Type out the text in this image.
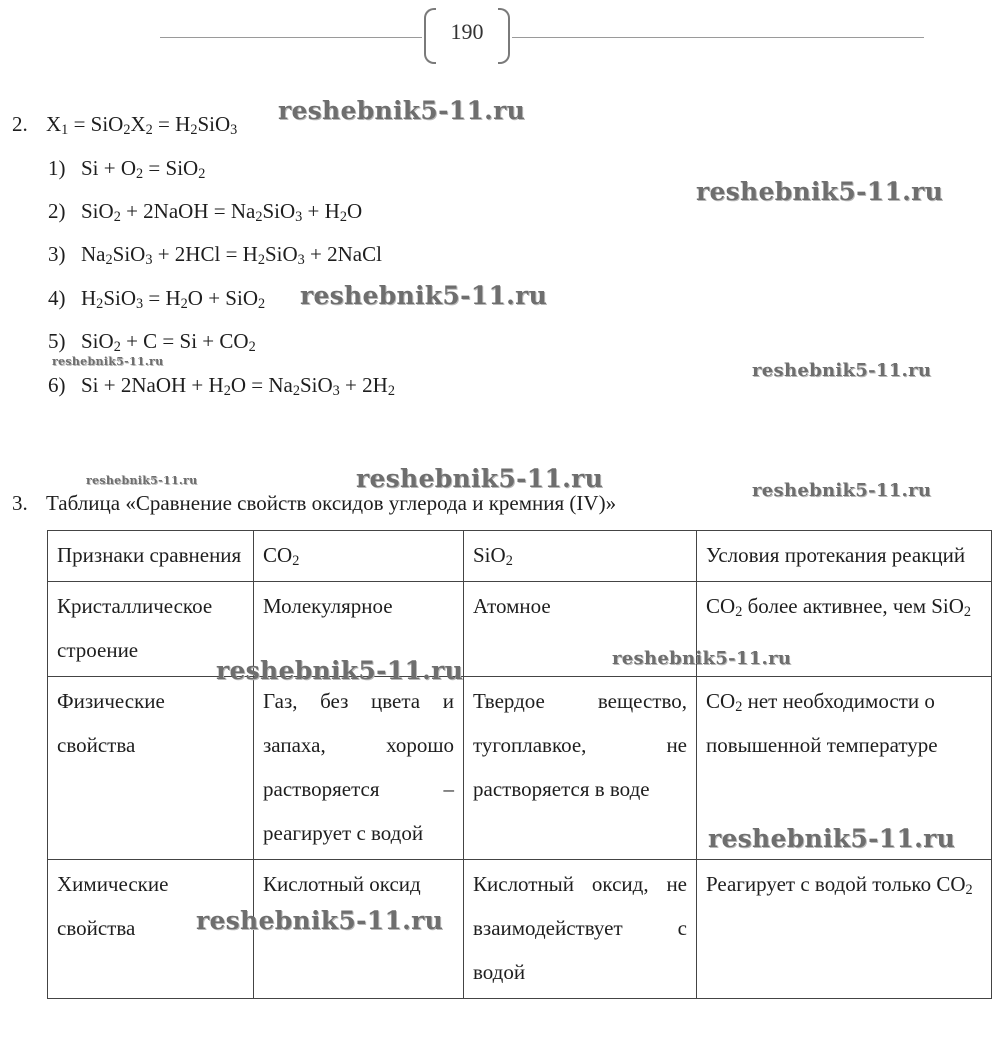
190
2. $X_1 = SiO_2X_2 = H_2SiO_3$
1) $Si + O_2 = SiO_2$
2) SiO$_2$ + 2NaOH = $Na_2SiO_3 + H_2O$
3) $Na_2SiO_3 + 2HCl = H_2SiO_3$ + 2NaCl
4) $H_2SiO_3 = H_2O + SiO_2$
5) $SiO_2 + C = Si + CO_2$
6) Si + 2NaOH + $H_2O = Na_2SiO_3 + 2H_2$
3. Таблица «Сравнение свойств оксидов углерода и кремния (IV)»
Признаки сравнения	$CO_2$	SiO$_2$	Условия протекания реакций
Кристаллическое строение	Молекулярное	Атомное	$CO_2$ более активнее, чем SiO$_2$
Физические свойства	Газ, без цвета и запаха, хорошо растворяется – реагирует с водой	Твердое вещество, тугоплавкое, не растворяется в воде	$CO_2$ нет необходимости о повышенной температуре
Химические свойства	Кислотный оксид	Кислотный оксид, не взаимодействует с водой	Реагирует с водой только $CO_2$
reshebnik5-11.ru
reshebnik5-11.ru
reshebnik5-11.ru
reshebnik5-11.ru	reshebnik5-11.ru
reshebnik5-11.ru	reshebnik5-11.ru	reshebnik5-11.ru
reshebnik5-11.ru	reshebnik5-11.ru
reshebnik5-11.ru
reshebnik5-11.ru
